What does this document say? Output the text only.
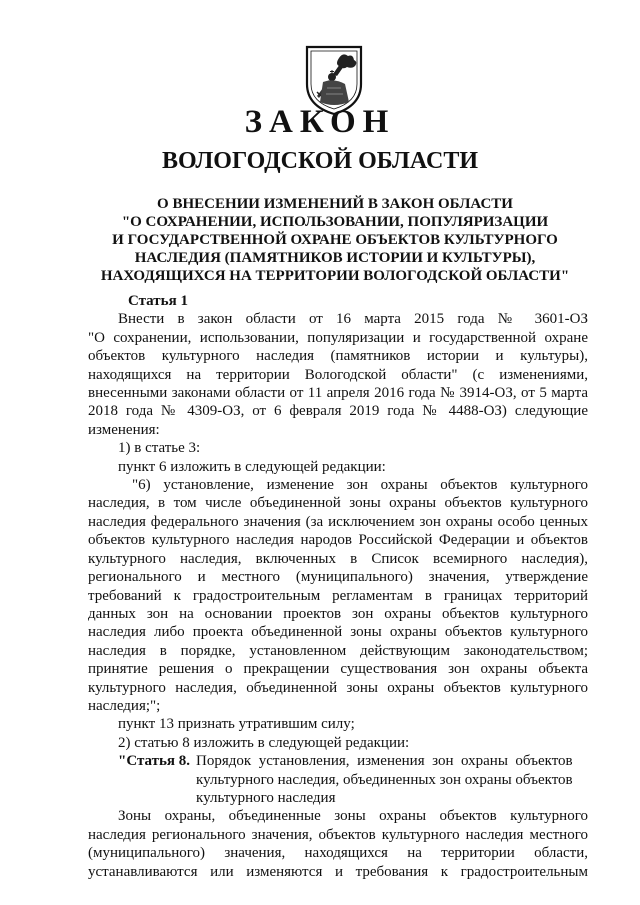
ЗАКОН
ВОЛОГОДСКОЙ ОБЛАСТИ
О ВНЕСЕНИИ ИЗМЕНЕНИЙ В ЗАКОН ОБЛАСТИ
"О СОХРАНЕНИИ, ИСПОЛЬЗОВАНИИ, ПОПУЛЯРИЗАЦИИ
И ГОСУДАРСТВЕННОЙ ОХРАНЕ ОБЪЕКТОВ КУЛЬТУРНОГО
НАСЛЕДИЯ (ПАМЯТНИКОВ ИСТОРИИ И КУЛЬТУРЫ),
НАХОДЯЩИХСЯ НА ТЕРРИТОРИИ ВОЛОГОДСКОЙ ОБЛАСТИ"
Статья 1
Внести в закон области от 16 марта 2015 года № 3601-ОЗ
"О сохранении, использовании, популяризации и государственной охране
объектов культурного наследия (памятников истории и культуры),
находящихся на территории Вологодской области" (с изменениями,
внесенными законами области от 11 апреля 2016 года № 3914-ОЗ, от 5 марта
2018 года № 4309-ОЗ, от 6 февраля 2019 года № 4488-ОЗ) следующие
изменения:
1) в статье 3:
пункт 6 изложить в следующей редакции:
"6) установление, изменение зон охраны объектов культурного
наследия, в том числе объединенной зоны охраны объектов культурного
наследия федерального значения (за исключением зон охраны особо ценных
объектов культурного наследия народов Российской Федерации и объектов
культурного наследия, включенных в Список всемирного наследия),
регионального и местного (муниципального) значения, утверждение
требований к градостроительным регламентам в границах территорий
данных зон на основании проектов зон охраны объектов культурного
наследия либо проекта объединенной зоны охраны объектов культурного
наследия в порядке, установленном действующим законодательством;
принятие решения о прекращении существования зон охраны объекта
культурного наследия, объединенной зоны охраны объектов культурного
наследия;";
пункт 13 признать утратившим силу;
2) статью 8 изложить в следующей редакции:
"Статья 8. Порядок установления, изменения зон охраны объектов
культурного наследия, объединенных зон охраны объектов
культурного наследия
Зоны охраны, объединенные зоны охраны объектов культурного
наследия регионального значения, объектов культурного наследия местного
(муниципального) значения, находящихся на территории области,
устанавливаются или изменяются и требования к градостроительным
